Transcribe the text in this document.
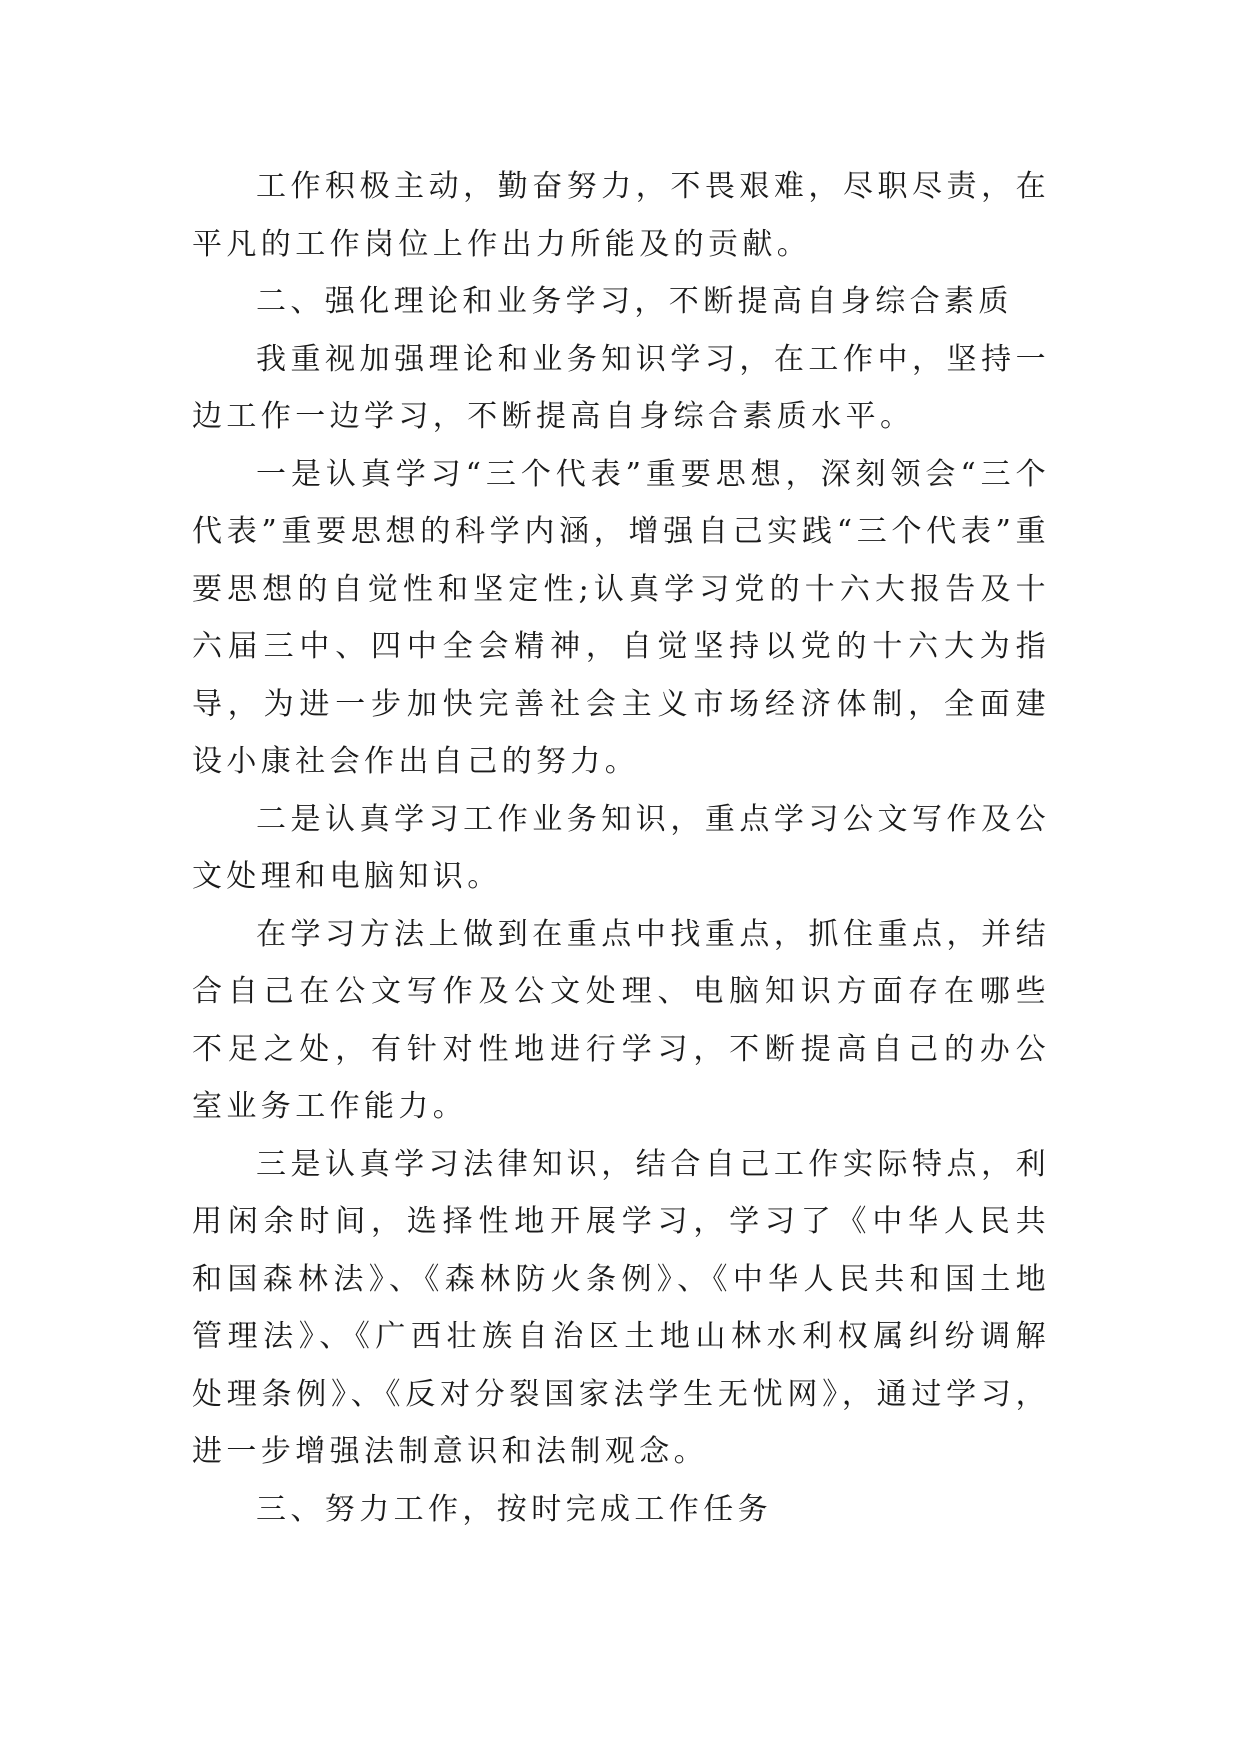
工作积极主动，勤奋努力，不畏艰难，尽职尽责，在平凡的工作岗位上作出力所能及的贡献。

二、强化理论和业务学习，不断提高自身综合素质

我重视加强理论和业务知识学习，在工作中，坚持一边工作一边学习，不断提高自身综合素质水平。

一是认真学习“三个代表”重要思想，深刻领会“三个代表”重要思想的科学内涵，增强自己实践“三个代表”重要思想的自觉性和坚定性;认真学习党的十六大报告及十六届三中、四中全会精神，自觉坚持以党的十六大为指导，为进一步加快完善社会主义市场经济体制，全面建设小康社会作出自己的努力。

二是认真学习工作业务知识，重点学习公文写作及公文处理和电脑知识。

在学习方法上做到在重点中找重点，抓住重点，并结合自己在公文写作及公文处理、电脑知识方面存在哪些不足之处，有针对性地进行学习，不断提高自己的办公室业务工作能力。

三是认真学习法律知识，结合自己工作实际特点，利用闲余时间，选择性地开展学习，学习了《中华人民共和国森林法》、《森林防火条例》、《中华人民共和国土地管理法》、《广西壮族自治区土地山林水利权属纠纷调解处理条例》、《反对分裂国家法学生无忧网》，通过学习，进一步增强法制意识和法制观念。

三、努力工作，按时完成工作任务
